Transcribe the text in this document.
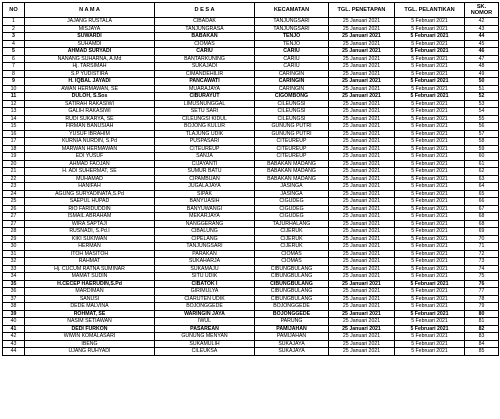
NO	N A M A	D E S A	KECAMATAN	TGL. PENETAPAN	TGL. PELANTIKAN	SK. NOMOR
1	JAJANG RUSTALA	CIBADAK	TANJUNGSARI	25 Januari 2021	5 Februari 2021	42
2	MISJAYA	TANJUNGRASA	TANJUNGSARI	25 Januari 2021	5 Februari 2021	43
3	SUWARDI	BABAKAN	TENJO	25 Januari 2021	5 Februari 2021	44
4	SUHAMDI	CIOMAS	TENJO	25 Januari 2021	5 Februari 2021	45
5	AHMAD SURYADI	CARIU	CARIU	25 Januari 2021	5 Februari 2021	46
6	NANANG SUHARNA, A.Md	BANTARKUNING	CARIU	25 Januari 2021	5 Februari 2021	47
7	Hj. TARSIMAH	SUKAJADI	CARIU	25 Januari 2021	5 Februari 2021	48
8	S.P YUDISTIRA	CIMANDEHILIR	CARINGIN	25 Januari 2021	5 Februari 2021	49
9	H. IQBAL JAYADI	PANCAWATI	CARINGIN	25 Januari 2021	5 Februari 2021	50
10	AWAN HERMAWAN, SE	MUARAJAYA	CARINGIN	25 Januari 2021	5 Februari 2021	51
11	DULOH, S.Sos	CIBURAYUT	CIGOMBONG	25 Januari 2021	5 Februari 2021	52
12	SATIRAH RAKASIWI	LIMUSNUNGGAL	CILEUNGSI	25 Januari 2021	5 Februari 2021	53
13	GALIH RAKASIWI	SETU SARI	CILEUNGSI	25 Januari 2021	5 Februari 2021	54
14	RUDI SUKARYA, SE	CILEUNGSI KIDUL	CILEUNGSI	25 Januari 2021	5 Februari 2021	55
15	FIRMAN BANUSIAH	BOJONG KULUR	GUNUNG PUTRI	25 Januari 2021	5 Februari 2021	56
16	YUSUF IBRAHIM	TLAJUNG UDIK	GUNUNG PUTRI	25 Januari 2021	5 Februari 2021	57
17	KURNIA NURDIN, S.Pd	PUSPASARI	CITEUREUP	25 Januari 2021	5 Februari 2021	58
18	MARWAN HERMAWAN	CITEUREUP	CITEUREUP	25 Januari 2021	5 Februari 2021	59
19	EDI YUSUF	SANJA	CITEUREUP	25 Januari 2021	5 Februari 2021	60
20	AHMAD FAOJAN	CIJAYANTI	BABAKAN MADANG	25 Januari 2021	5 Februari 2021	61
21	H. ADI SUHERMAT, SE	SUMUR BATU	BABAKAN MADANG	25 Januari 2021	5 Februari 2021	62
22	MUHAMAD	CIPAMBUAN	BABAKAN MADANG	25 Januari 2021	5 Februari 2021	63
23	HANIFAH	JUGALAJAYA	JASINGA	25 Januari 2021	5 Februari 2021	64
24	AGUNG SURYADINATA,S.Pd	SIPAK	JASINGA	25 Januari 2021	5 Februari 2021	65
25	SAEPUL HUPAD	BANYUASIH	CIGUDEG	25 Januari 2021	5 Februari 2021	66
26	RIO FARIDUDDIN	BANYUWANGI	CIGUDEG	25 Januari 2021	5 Februari 2021	67
27	ISMAIL ABRAHAM	MEKARJAYA	CIGUDEG	25 Januari 2021	5 Februari 2021	68
27	WIRA SAPTAJI	NANGGERANG	TAJURHALANG	25 Januari 2021	5 Februari 2021	68
28	RUSNADI, S.Pd.I	CIBALUNG	CIJERUK	25 Januari 2021	5 Februari 2021	69
29	KIKI SUKIWAN	CIPELANG	CIJERUK	25 Januari 2021	5 Februari 2021	70
30	HERMAN	TANJUNGSARI	CIJERUK	25 Januari 2021	5 Februari 2021	71
31	ITOH MASITOH	PARAKAN	CIOMAS	25 Januari 2021	5 Februari 2021	72
32	RAHMAT	SUKAHARJA	CIOMAS	25 Januari 2021	5 Februari 2021	73
33	Hj. CUCUM RATNA SUMINAR	SUKAMAJU	CIBUNGBULANG	25 Januari 2021	5 Februari 2021	74
34	MAMAT SUDIN	SITU UDIK	CIBUNGBULANG	25 Januari 2021	5 Februari 2021	75
35	H.CECEP HAERUDIN,S.Pd	CIBATOK I	CIBUNGBULANG	25 Januari 2021	5 Februari 2021	76
36	MARDIMAN	GIRIMULYA	CIBUNGBULANG	25 Januari 2021	5 Februari 2021	77
37	SANUSI	CIARUTEN UDIK	CIBUNGBULANG	25 Januari 2021	5 Februari 2021	78
38	DEDE MALVINA	BOJONGGEDE	BOJONGGEDE	25 Januari 2021	5 Februari 2021	79
39	ROHMAT, SE	WARINGIN JAYA	BOJONGGEDE	25 Januari 2021	5 Februari 2021	80
40	NASIM SETIAWAN	IWUL	PARUNG	25 Januari 2021	5 Februari 2021	81
41	DEDI FURKON	PASAREAN	PAMIJAHAN	25 Januari 2021	5 Februari 2021	82
42	WIWIN KOMALASARI	GUNUNG MENYAN	PAMIJAHAN	25 Januari 2021	5 Februari 2021	83
43	IBENG	SUKAMULIH	SUKAJAYA	25 Januari 2021	5 Februari 2021	84
44	UJANG RUHYADI	CILEUKSA	SUKAJAYA	25 Januari 2021	5 Februari 2021	85
